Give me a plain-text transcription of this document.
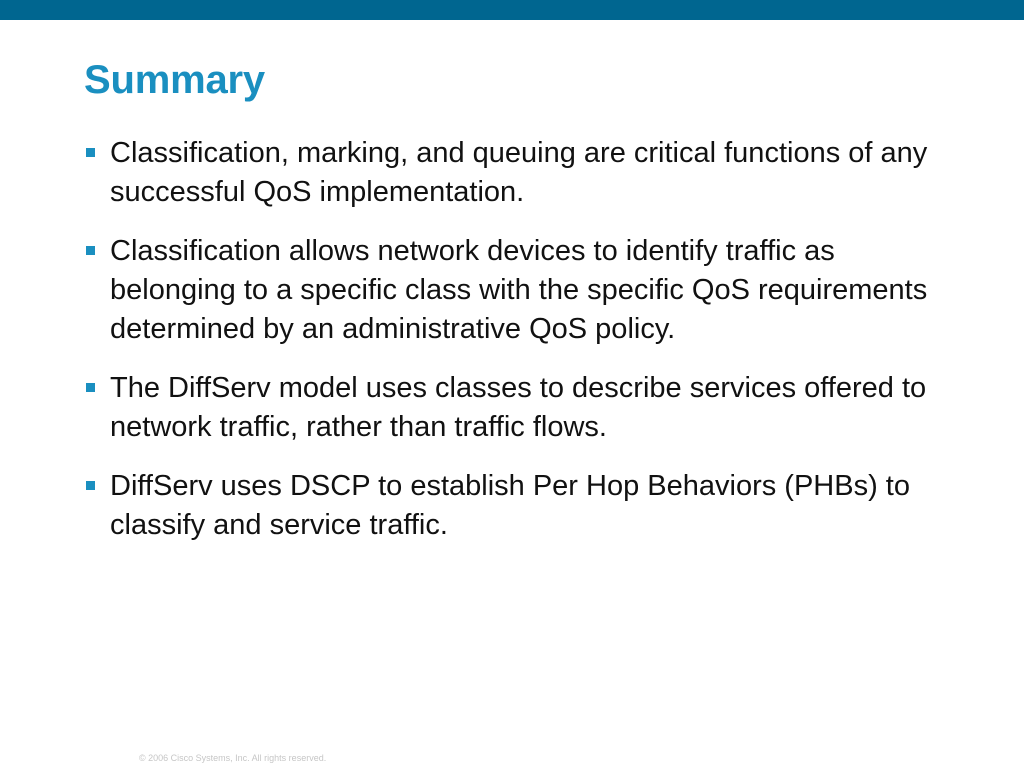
Summary
Classification, marking, and queuing are critical functions of any successful QoS implementation.
Classification allows network devices to identify traffic as belonging to a specific class with the specific QoS requirements determined by an administrative QoS policy.
The DiffServ model uses classes to describe services offered to network traffic, rather than traffic flows.
DiffServ uses DSCP to establish Per Hop Behaviors (PHBs) to classify and service traffic.
© 2006 Cisco Systems, Inc. All rights reserved.
